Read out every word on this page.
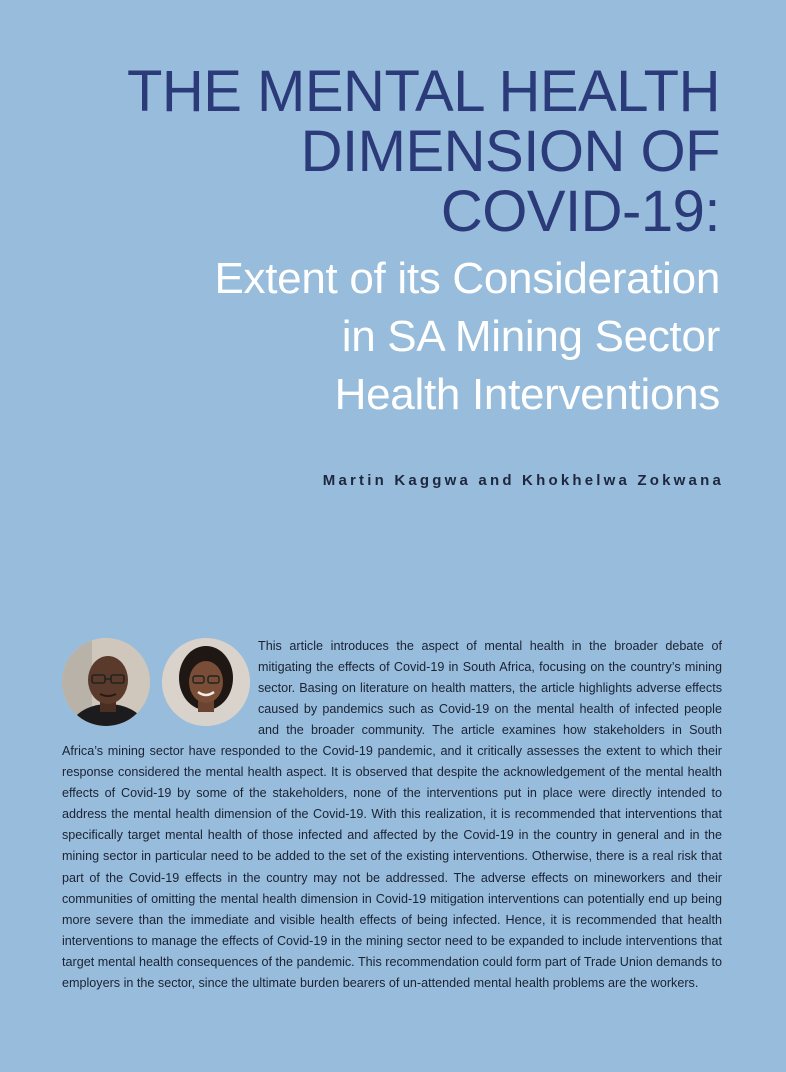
THE MENTAL HEALTH
DIMENSION OF
COVID-19:
Extent of its Consideration
in SA Mining Sector
Health Interventions
Martin Kaggwa and Khokhelwa Zokwana
This article introduces the aspect of mental health in the broader debate of mitigating the effects of Covid-19 in South Africa, focusing on the country’s mining sector. Basing on literature on health matters, the article highlights adverse effects caused by pandemics such as Covid-19 on the mental health of infected people and the broader community. The article examines how stakeholders in South Africa’s mining sector have responded to the Covid-19 pandemic, and it critically assesses the extent to which their response considered the mental health aspect. It is observed that despite the acknowledgement of the mental health effects of Covid-19 by some of the stakeholders, none of the interventions put in place were directly intended to address the mental health dimension of the Covid-19. With this realization, it is recommended that interventions that specifically target mental health of those infected and affected by the Covid-19 in the country in general and in the mining sector in particular need to be added to the set of the existing interventions. Otherwise, there is a real risk that part of the Covid-19 effects in the country may not be addressed. The adverse effects on mineworkers and their communities of omitting the mental health dimension in Covid-19 mitigation interventions can potentially end up being more severe than the immediate and visible health effects of being infected. Hence, it is recommended that health interventions to manage the effects of Covid-19 in the mining sector need to be expanded to include interventions that target mental health consequences of the pandemic. This recommendation could form part of Trade Union demands to employers in the sector, since the ultimate burden bearers of un-attended mental health problems are the workers.
